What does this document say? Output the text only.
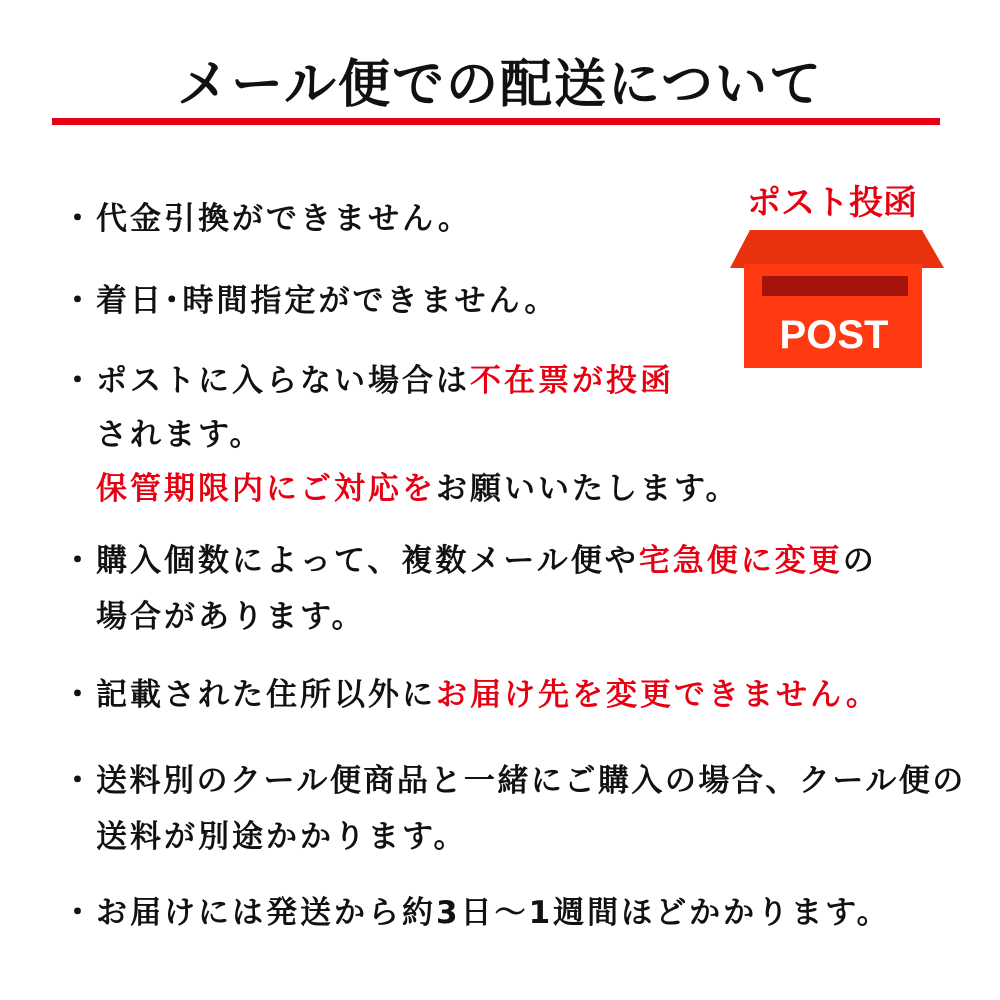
メール便での配送について
ポスト投函
POST
・代金引換ができません。
・着日･時間指定ができません。
・ポストに入らない場合は不在票が投函
されます。
保管期限内にご対応をお願いいたします。
・購入個数によって、複数メール便や宅急便に変更の
場合があります。
・記載された住所以外にお届け先を変更できません。
・送料別のクール便商品と一緒にご購入の場合、クール便の
送料が別途かかります。
・お届けには発送から約3日～1週間ほどかかります。
